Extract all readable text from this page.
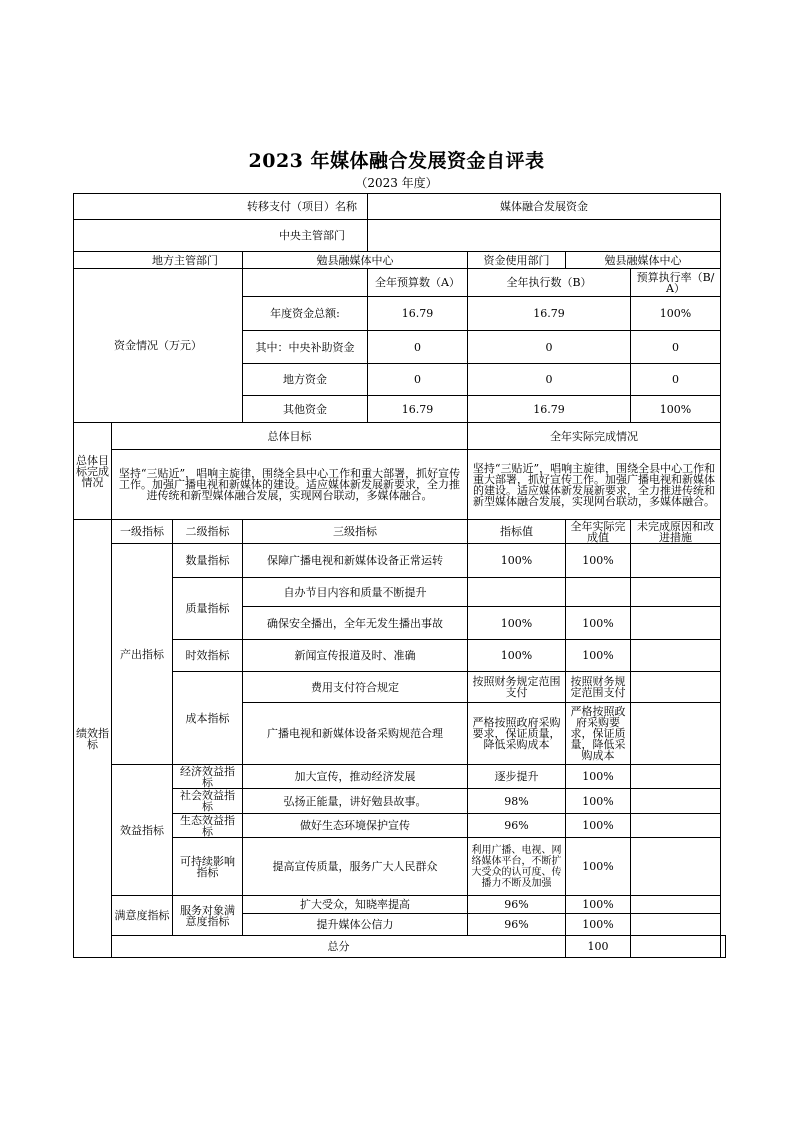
2023 年媒体融合发展资金自评表
（2023 年度）
转移支付（项目）名称				媒体融合发展资金				
中央主管部门								
地方主管部门			勉县融媒体中心		资金使用部门	勉县融媒体中心		
资金情况（万元）				全年预算数（A）	全年执行数（B）		预算执行率（B/A）	
			年度资金总额:	16.79	16.79		100%	
			其中：中央补助资金	0	0		0	
			地方资金	0	0		0	
			其他资金	16.79	16.79		100%	
总体目标完成情况	总体目标				全年实际完成情况			
	坚持“三贴近”，唱响主旋律，围绕全县中心工作和重大部署，抓好宣传工作。加强广播电视和新媒体的建设。适应媒体新发展新要求，全力推进传统和新型媒体融合发展，实现网台联动，多媒体融合。				坚持“三贴近”，唱响主旋律，围绕全县中心工作和重大部署，抓好宣传工作。加强广播电视和新媒体的建设。适应媒体新发展新要求，全力推进传统和新型媒体融合发展，实现网台联动，多媒体融合。			
绩效指标	一级指标	二级指标	三级指标		指标值	全年实际完成值	未完成原因和改进措施	
	产出指标	数量指标	保障广播电视和新媒体设备正常运转		100%	100%		
		质量指标	自办节目内容和质量不断提升					
			确保安全播出，全年无发生播出事故		100%	100%		
		时效指标	新闻宣传报道及时、准确		100%	100%		
		成本指标	费用支付符合规定		按照财务规定范围支付	按照财务规定范围支付		
			广播电视和新媒体设备采购规范合理		严格按照政府采购要求，保证质量，降低采购成本	严格按照政府采购要求，保证质量，降低采购成本		
	效益指标	经济效益指标	加大宣传，推动经济发展		逐步提升	100%		
		社会效益指标	弘扬正能量，讲好勉县故事。		98%	100%		
		生态效益指标	做好生态环境保护宣传		96%	100%		
		可持续影响指标	提高宣传质量，服务广大人民群众		利用广播、电视、网络媒体平台，不断扩大受众的认可度、传播力不断及加强	100%		
	满意度指标	服务对象满意度指标	扩大受众，知晓率提高		96%	100%		
			提升媒体公信力		96%	100%		
	总分					100		
